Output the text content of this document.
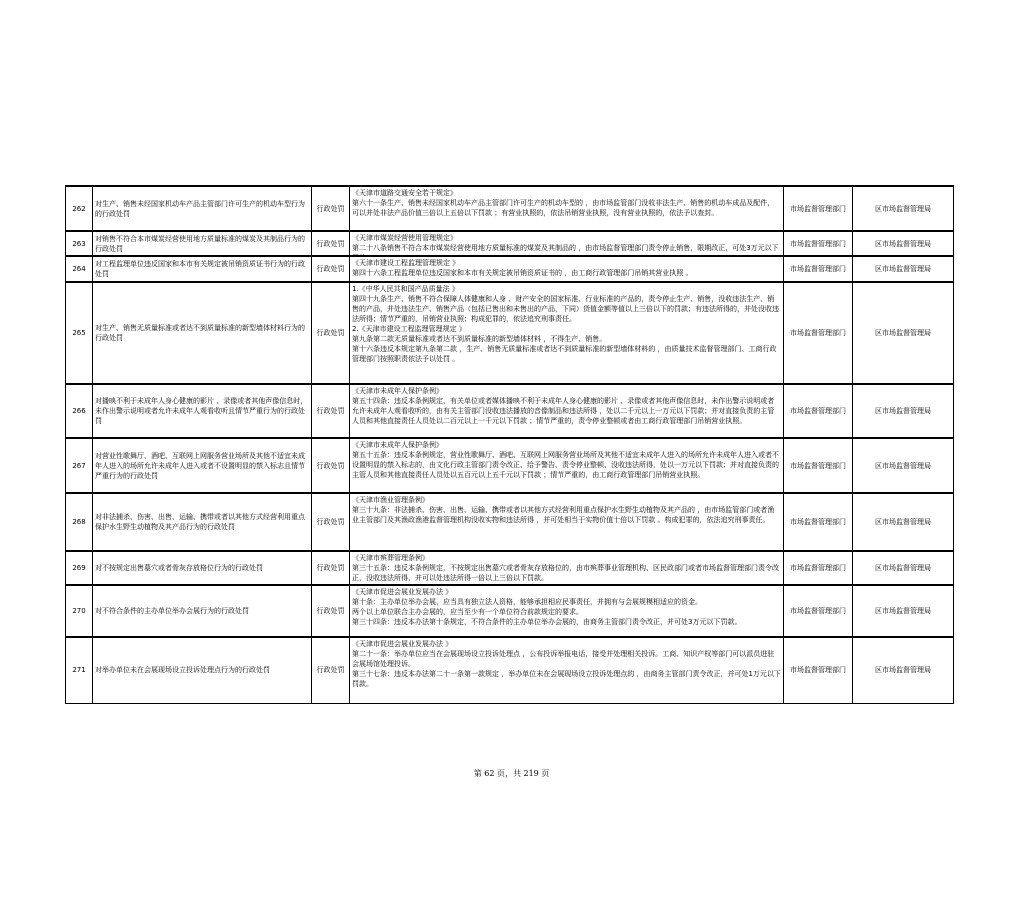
262	对生产、销售未经国家机动车产品主管部门许可生产的机动车型行为的行政处罚	行政处罚	《天津市道路交通安全若干规定》
第六十一条生产、销售未经国家机动车产品主管部门许可生产的机动车型的 ，由市场监管部门没收非法生产、销售的机动车成品及配件，可以并处非法产品价值三倍以上五倍以下罚款 ；有营业执照的，依法吊销营业执照，没有营业执照的，依法予以查封。	市场监督管理部门	区市场监督管理局

263	对销售不符合本市煤炭经营使用地方质量标准的煤炭及其制品行为的行政处罚	行政处罚	《天津市煤炭经营使用管理规定》
第二十八条销售不符合本市煤炭经营使用地方质量标准的煤炭及其制品的 ，由市场监督管理部门责令停止销售，限期改正，可处3万元以下	市场监督管理部门	区市场监督管理局

264	对工程监理单位违反国家和本市有关规定被吊销资质证书行为的行政处罚	行政处罚	《天津市建设工程监理管理规定 》
第四十六条工程监理单位违反国家和本市有关规定被吊销资质证书的 ，由工商行政管理部门吊销其营业执照 。	市场监督管理部门	区市场监督管理局

265	对生产、销售无质量标准或者达不到质量标准的新型墙体材料行为的行政处罚	行政处罚	1.《中华人民共和国产品质量法 》
第四十九条生产、销售不符合保障人体健康和人身 、财产安全的国家标准、行业标准的产品的，责令停止生产、销售，没收违法生产、销售的产品，并处违法生产、销售产品（包括已售出和未售出的产品，下同）货值金额等值以上三倍以下的罚款；有违法所得的，并处没收违法所得；情节严重的，吊销营业执照；构成犯罪的，依法追究刑事责任。
2.《天津市建设工程监理管理规定 》
第九条第二款无质量标准或者达不到质量标准的新型墙体材料 ，不得生产、销售。
第十六条违反本规定第九条第二款 ，生产、销售无质量标准或者达不到质量标准的新型墙体材料的 ，由质量技术监督管理部门、工商行政管理部门按照职责依法予以处罚 。	市场监督管理部门	区市场监督管理局

266	对播映不利于未成年人身心健康的影片 、录像或者其他声像信息时，未作出警示说明或者允许未成年人观看收听且情节严重行为的行政处罚	行政处罚	《天津市未成年人保护条例》
第五十四条：违反本条例规定，有关单位或者媒体播映不利于未成年人身心健康的影片 、录像或者其他声像信息时，未作出警示说明或者允许未成年人观看收听的，由有关主管部门没收违法播放的音像制品和违法所得 ，处以二千元以上一万元以下罚款；并对直接负责的主管人员和其他直接责任人员处以二百元以上一千元以下罚款 ；情节严重的，责令停业整顿或者由工商行政管理部门吊销营业执照。	市场监督管理部门	区市场监督管理局

267	对营业性歌舞厅、酒吧、互联网上网服务营业场所及其他不适宜未成年人进入的场所允许未成年人进入或者不设置明显的禁入标志且情节严重行为的行政处罚	行政处罚	《天津市未成年人保护条例》
第五十五条：违反本条例规定，营业性歌舞厅、酒吧、互联网上网服务营业场所及其他不适宜未成年人进入的场所允许未成年人进入或者不设置明显的禁入标志的，由文化行政主管部门责令改正、给予警告、责令停业整顿、没收违法所得，处以一万元以下罚款；并对直接负责的主管人员和其他直接责任人员处以五百元以上五千元以下罚款 ；情节严重的，由工商行政管理部门吊销营业执照。	市场监督管理部门	区市场监督管理局

268	对非法捕杀、伤害、出售、运输、携带或者以其他方式经营利用重点保护水生野生动植物及其产品行为的行政处罚	行政处罚	《天津市渔业管理条例》
第三十九条：非法捕杀、伤害、出售、运输、携带或者以其他方式经营利用重点保护水生野生动植物及其产品的 ，由市场监管部门或者渔业主管部门及其渔政渔港监督管理机构没收实物和违法所得 ，并可处相当于实物价值十倍以下罚款 。构成犯罪的，依法追究刑事责任。	市场监督管理部门	区市场监督管理局

269	对不按规定出售墓穴或者骨灰存放格位行为的行政处罚	行政处罚	《天津市殡葬管理条例》
第三十五条：违反本条例规定，不按规定出售墓穴或者骨灰存放格位的，由市殡葬事业管理机构、区民政部门或者市场监督管理部门责令改正，没收违法所得，并可以处违法所得一倍以上三倍以下罚款。	市场监督管理部门	区市场监督管理局

270	对不符合条件的主办单位举办会展行为的行政处罚	行政处罚	《天津市促进会展业发展办法 》
第十条：主办单位举办会展，应当具有独立法人资格，能够承担相应民事责任，并拥有与会展规模相适应的资金。
两个以上单位联合主办会展的，应当至少有一个单位符合前款规定的要求。
第三十四条：违反本办法第十条规定，不符合条件的主办单位举办会展的，由商务主管部门责令改正，并可处3万元以下罚款。	市场监督管理部门	区市场监督管理局

271	对举办单位未在会展现场设立投诉处理点行为的行政处罚	行政处罚	《天津市促进会展业发展办法 》
第二十一条：举办单位应当在会展现场设立投诉处理点 ，公布投诉举报电话，接受并处理相关投诉。工商、知识产权等部门可以派员进驻会展场馆处理投诉。
第三十七条：违反本办法第二十一条第一款规定 ，举办单位未在会展现场设立投诉处理点的 ，由商务主管部门责令改正，并可处1万元以下罚款。	市场监督管理部门	区市场监督管理局
第 62 页，共 219 页
